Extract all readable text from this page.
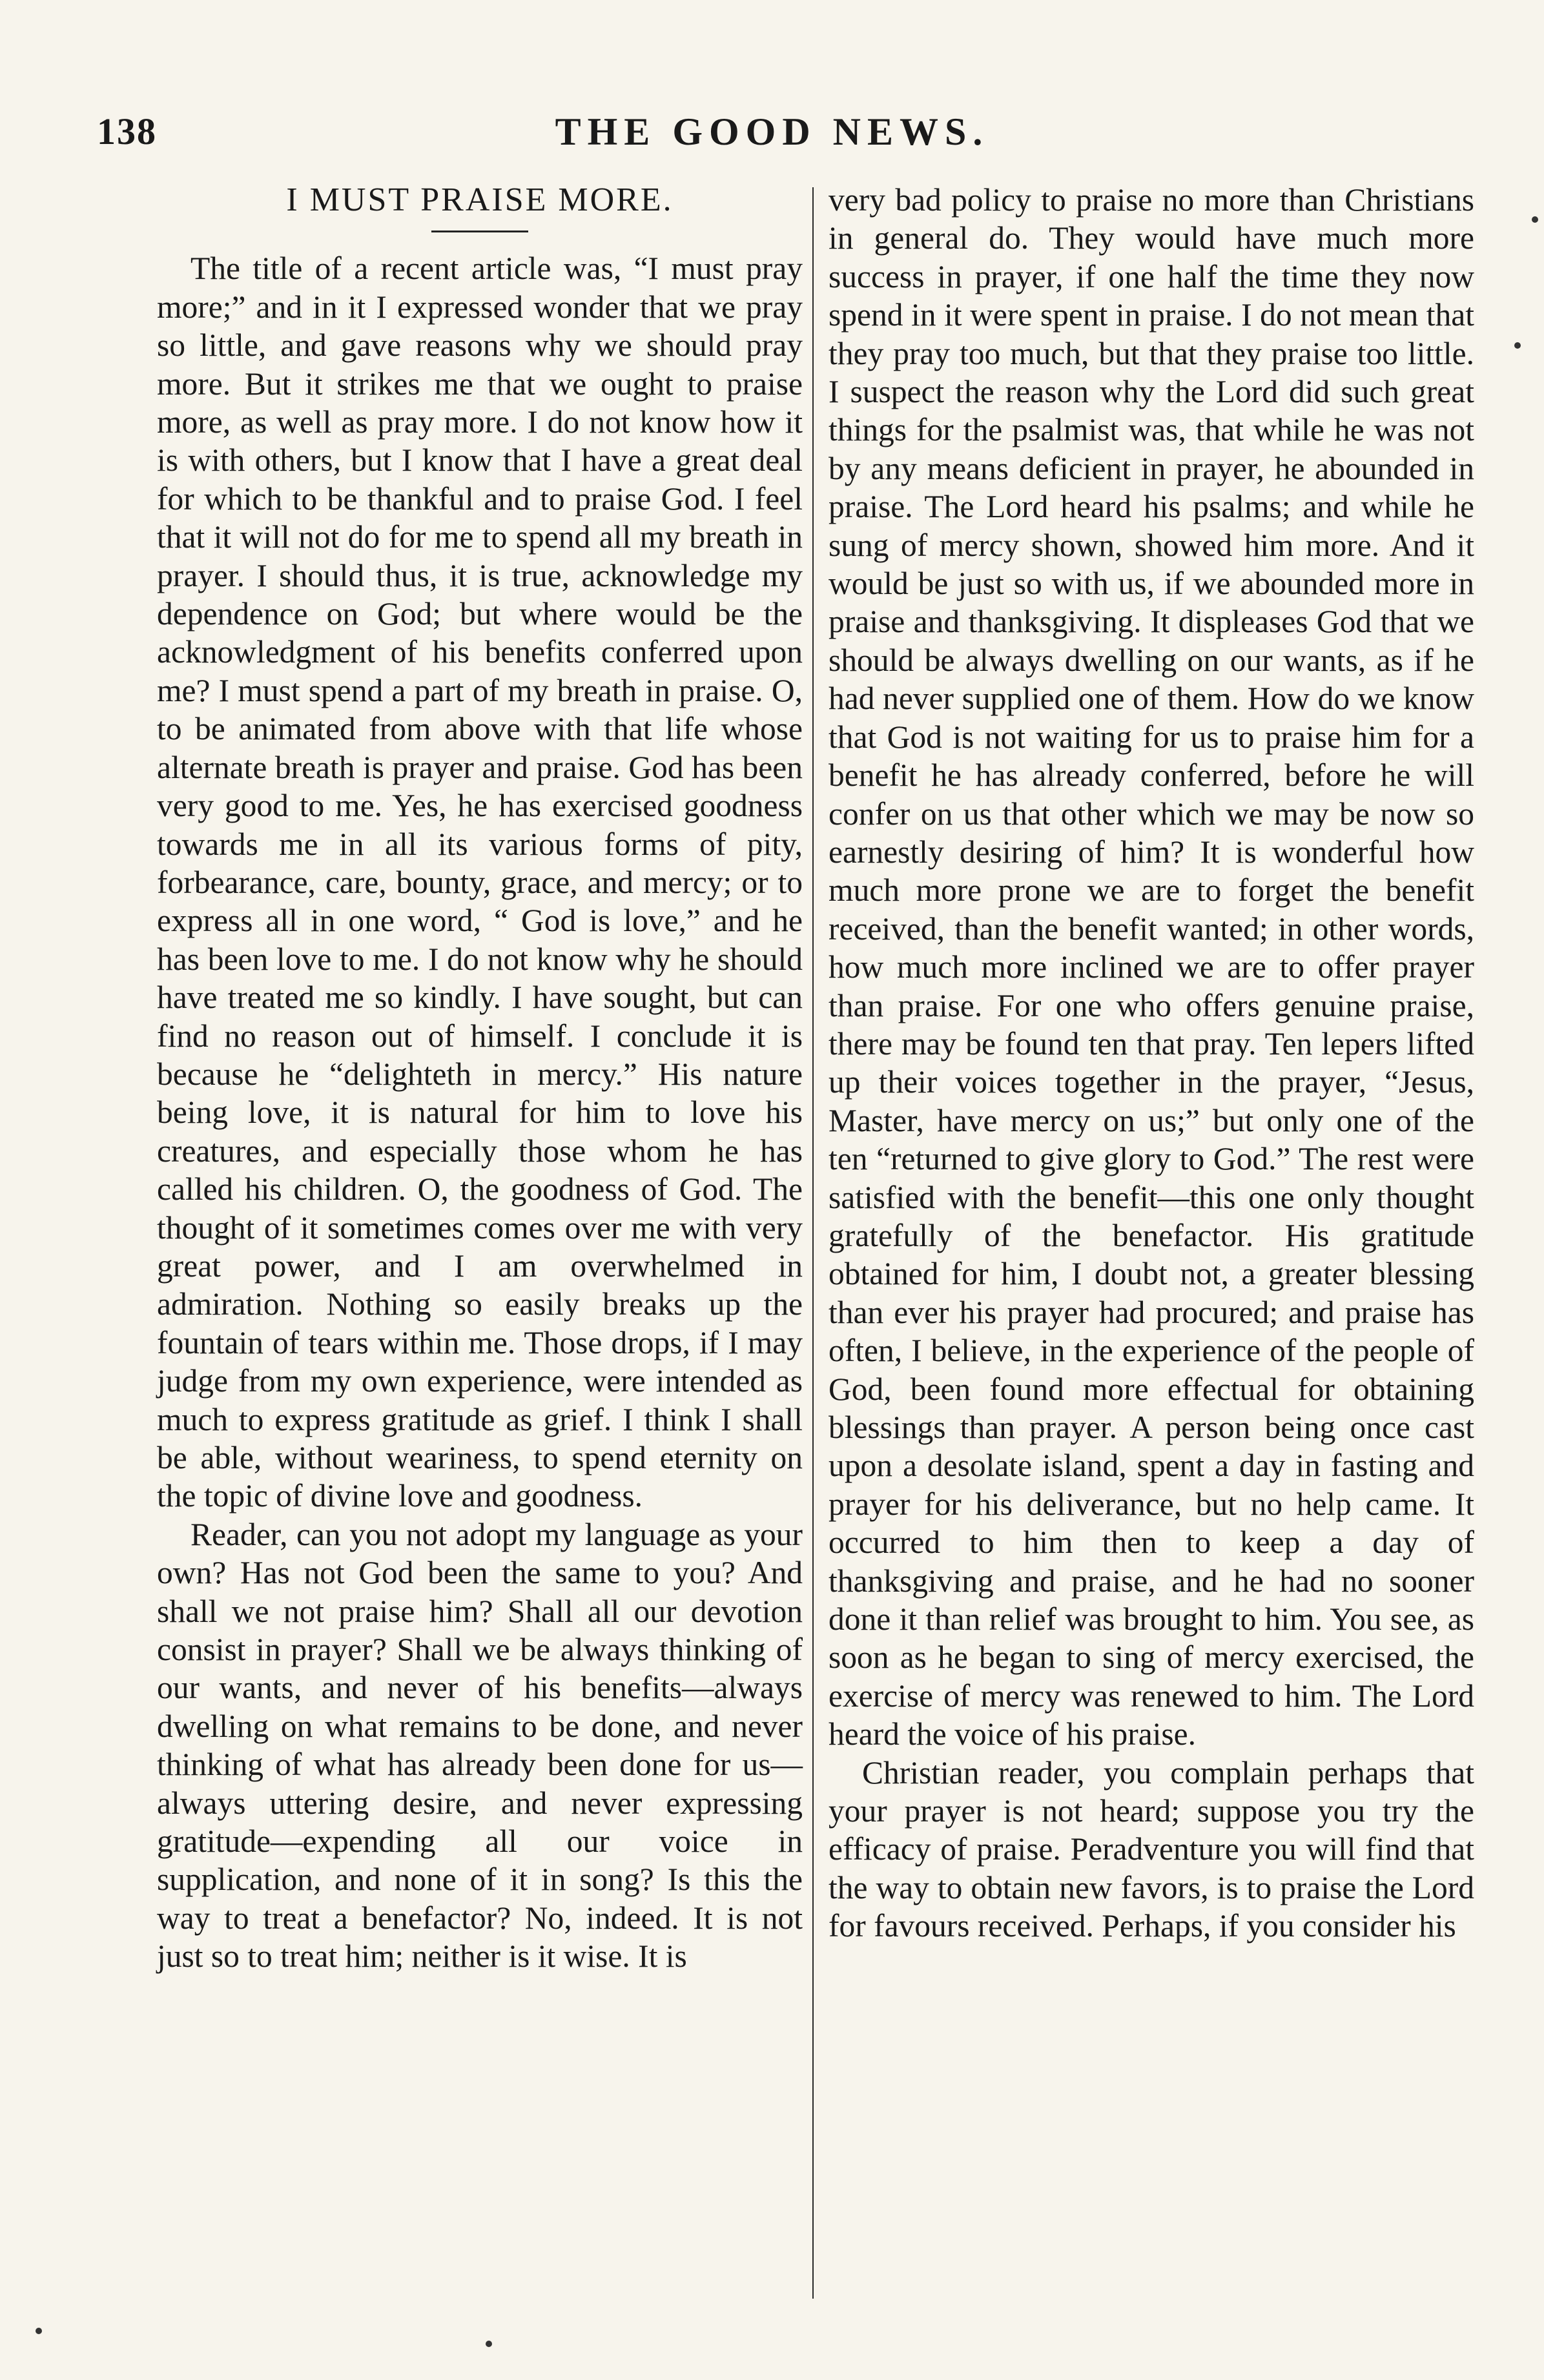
138	THE GOOD NEWS.
I MUST PRAISE MORE.

The title of a recent article was, “I must pray more;” and in it I expressed wonder that we pray so little, and gave reasons why we should pray more. But it strikes me that we ought to praise more, as well as pray more. I do not know how it is with others, but I know that I have a great deal for which to be thankful and to praise God. I feel that it will not do for me to spend all my breath in prayer. I should thus, it is true, acknowledge my dependence on God; but where would be the acknowledgment of his benefits conferred upon me? I must spend a part of my breath in praise. O, to be animated from above with that life whose alternate breath is prayer and praise. God has been very good to me. Yes, he has exercised goodness towards me in all its various forms of pity, forbearance, care, bounty, grace, and mercy; or to express all in one word, “ God is love,” and he has been love to me. I do not know why he should have treated me so kindly. I have sought, but can find no reason out of himself. I conclude it is because he “delighteth in mercy.” His nature being love, it is natural for him to love his creatures, and especially those whom he has called his children. O, the goodness of God. The thought of it sometimes comes over me with very great power, and I am overwhelmed in admiration. Nothing so easily breaks up the fountain of tears within me. Those drops, if I may judge from my own experience, were intended as much to express gratitude as grief. I think I shall be able, without weariness, to spend eternity on the topic of divine love and goodness.

Reader, can you not adopt my language as your own? Has not God been the same to you? And shall we not praise him? Shall all our devotion consist in prayer? Shall we be always thinking of our wants, and never of his benefits—always dwelling on what remains to be done, and never thinking of what has already been done for us—always uttering desire, and never expressing gratitude—expending all our voice in supplication, and none of it in song? Is this the way to treat a benefactor? No, indeed. It is not just so to treat him; neither is it wise. It is

very bad policy to praise no more than Christians in general do. They would have much more success in prayer, if one half the time they now spend in it were spent in praise. I do not mean that they pray too much, but that they praise too little. I suspect the reason why the Lord did such great things for the psalmist was, that while he was not by any means deficient in prayer, he abounded in praise. The Lord heard his psalms; and while he sung of mercy shown, showed him more. And it would be just so with us, if we abounded more in praise and thanksgiving. It displeases God that we should be always dwelling on our wants, as if he had never supplied one of them. How do we know that God is not waiting for us to praise him for a benefit he has already conferred, before he will confer on us that other which we may be now so earnestly desiring of him? It is wonderful how much more prone we are to forget the benefit received, than the benefit wanted; in other words, how much more inclined we are to offer prayer than praise. For one who offers genuine praise, there may be found ten that pray. Ten lepers lifted up their voices together in the prayer, “Jesus, Master, have mercy on us;” but only one of the ten “returned to give glory to God.” The rest were satisfied with the benefit—this one only thought gratefully of the benefactor. His gratitude obtained for him, I doubt not, a greater blessing than ever his prayer had procured; and praise has often, I believe, in the experience of the people of God, been found more effectual for obtaining blessings than prayer. A person being once cast upon a desolate island, spent a day in fasting and prayer for his deliverance, but no help came. It occurred to him then to keep a day of thanksgiving and praise, and he had no sooner done it than relief was brought to him. You see, as soon as he began to sing of mercy exercised, the exercise of mercy was renewed to him. The Lord heard the voice of his praise.

Christian reader, you complain perhaps that your prayer is not heard; suppose you try the efficacy of praise. Peradventure you will find that the way to obtain new favors, is to praise the Lord for favours received. Perhaps, if you consider his
